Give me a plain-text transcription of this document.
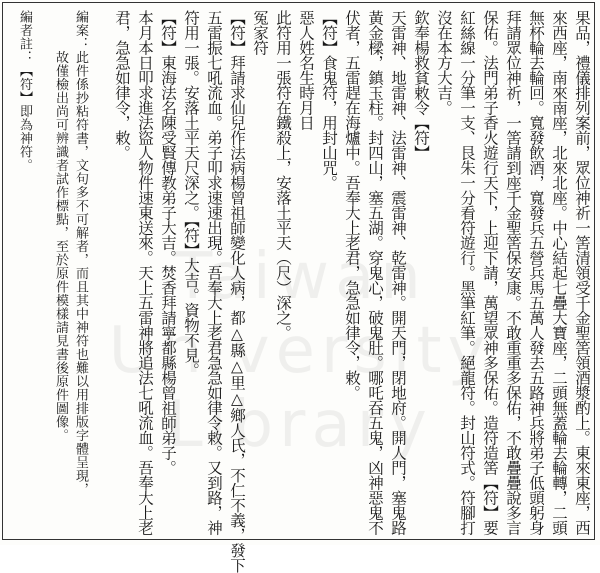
Taiwan University Library	果品，禮儀排列案前，眾位神祈一筈清領受千金聖筈領酒漿酌上。東來東座，西
來西座，南來南座，北來北座。中心結起七疊大寶座，二頭無蓋輪去輪轉，二頭
無杯輪去輪回。寬發飲酒，寬發兵五營兵馬五萬人發去五路神兵將弟子低頭躬身
拜請眾位神祈，一筈請到座千金聖筈保安康。不敢重重多保佑，不敢疊疊說多言
保佑。法門弟子香火遊行天下，上迎下請，萬望眾神多保佑。造符造筈【符】要
紅絲線一分筆一支、艮朱一分看符遊行。黑筆紅筆。絕龍符。封山符式。符腳打
沒在本方大吉。
欽奉楊救貧敕令【符】
天雷神、地雷神、法雷神、震雷神、乾雷神。開天門，閉地府。開人門，塞鬼路
黃金樑，鎮玉柱。封四山，塞五湖。穿鬼心，破鬼肚。哪吒吞五鬼，凶神惡鬼不
伏者，五雷趕在海爐中。吾奉大上老君，急急如律令，敕。
【符】食鬼符，用封山咒。
惡人姓名生時月日
此符用一張符在鐵殺上，安落土平天（尺）深之。
冤家符
【符】拜請求仙兒作法病楊曾祖師變化人病，都△縣△里△鄉人氏，不仁不義，發下
五雷振七吼流血。弟子叩求速速出現。吾奉大上老君急急如律令敕。又到路，神
符用一張。安落土平天尺深之。【符】大吉。資物不見。
【符】東海法名陳受賢傳教弟子大吉。焚香拜請寧都縣楊曾祖師弟子。
本月本日叩求進法盜人物件速東送來。天上五雷神將追法七吼流血。吾奉大上老
君，急急如律令，敕。
編案：此件係抄粘符書，文句多不可解者，而且其中神符也難以用排版字體呈現，
　　　故僅檢出尚可辨識者試作標點，至於原件模樣請見書後原件圖像。
編者註：【符】即為神符。
